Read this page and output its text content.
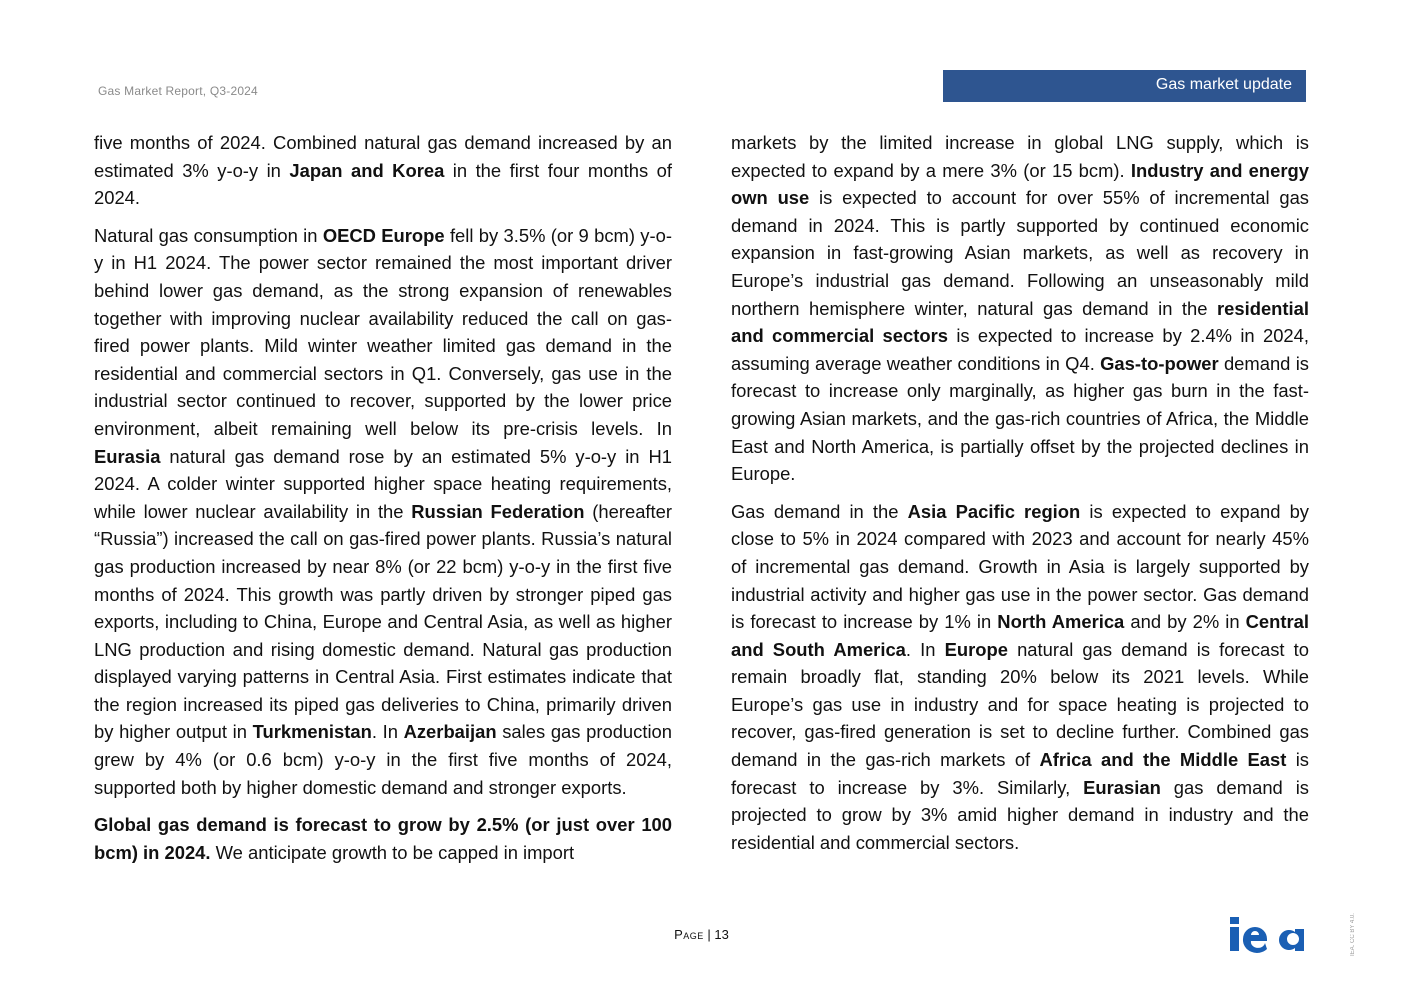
Gas Market Report, Q3-2024	Gas market update

five months of 2024. Combined natural gas demand increased by an estimated 3% y-o-y in Japan and Korea in the first four months of 2024.

Natural gas consumption in OECD Europe fell by 3.5% (or 9 bcm) y-o-y in H1 2024. The power sector remained the most important driver behind lower gas demand, as the strong expansion of renewables together with improving nuclear availability reduced the call on gas-fired power plants. Mild winter weather limited gas demand in the residential and commercial sectors in Q1. Conversely, gas use in the industrial sector continued to recover, supported by the lower price environment, albeit remaining well below its pre-crisis levels. In Eurasia natural gas demand rose by an estimated 5% y-o-y in H1 2024. A colder winter supported higher space heating requirements, while lower nuclear availability in the Russian Federation (hereafter “Russia”) increased the call on gas-fired power plants. Russia’s natural gas production increased by near 8% (or 22 bcm) y-o-y in the first five months of 2024. This growth was partly driven by stronger piped gas exports, including to China, Europe and Central Asia, as well as higher LNG production and rising domestic demand. Natural gas production displayed varying patterns in Central Asia. First estimates indicate that the region increased its piped gas deliveries to China, primarily driven by higher output in Turkmenistan. In Azerbaijan sales gas production grew by 4% (or 0.6 bcm) y-o-y in the first five months of 2024, supported both by higher domestic demand and stronger exports.

Global gas demand is forecast to grow by 2.5% (or just over 100 bcm) in 2024. We anticipate growth to be capped in import

markets by the limited increase in global LNG supply, which is expected to expand by a mere 3% (or 15 bcm). Industry and energy own use is expected to account for over 55% of incremental gas demand in 2024. This is partly supported by continued economic expansion in fast-growing Asian markets, as well as recovery in Europe’s industrial gas demand. Following an unseasonably mild northern hemisphere winter, natural gas demand in the residential and commercial sectors is expected to increase by 2.4% in 2024, assuming average weather conditions in Q4. Gas-to-power demand is forecast to increase only marginally, as higher gas burn in the fast-growing Asian markets, and the gas-rich countries of Africa, the Middle East and North America, is partially offset by the projected declines in Europe.

Gas demand in the Asia Pacific region is expected to expand by close to 5% in 2024 compared with 2023 and account for nearly 45% of incremental gas demand. Growth in Asia is largely supported by industrial activity and higher gas use in the power sector. Gas demand is forecast to increase by 1% in North America and by 2% in Central and South America. In Europe natural gas demand is forecast to remain broadly flat, standing 20% below its 2021 levels. While Europe’s gas use in industry and for space heating is projected to recover, gas-fired generation is set to decline further. Combined gas demand in the gas-rich markets of Africa and the Middle East is forecast to increase by 3%. Similarly, Eurasian gas demand is projected to grow by 3% amid higher demand in industry and the residential and commercial sectors.

Page | 13	IEA. CC BY 4.0.
